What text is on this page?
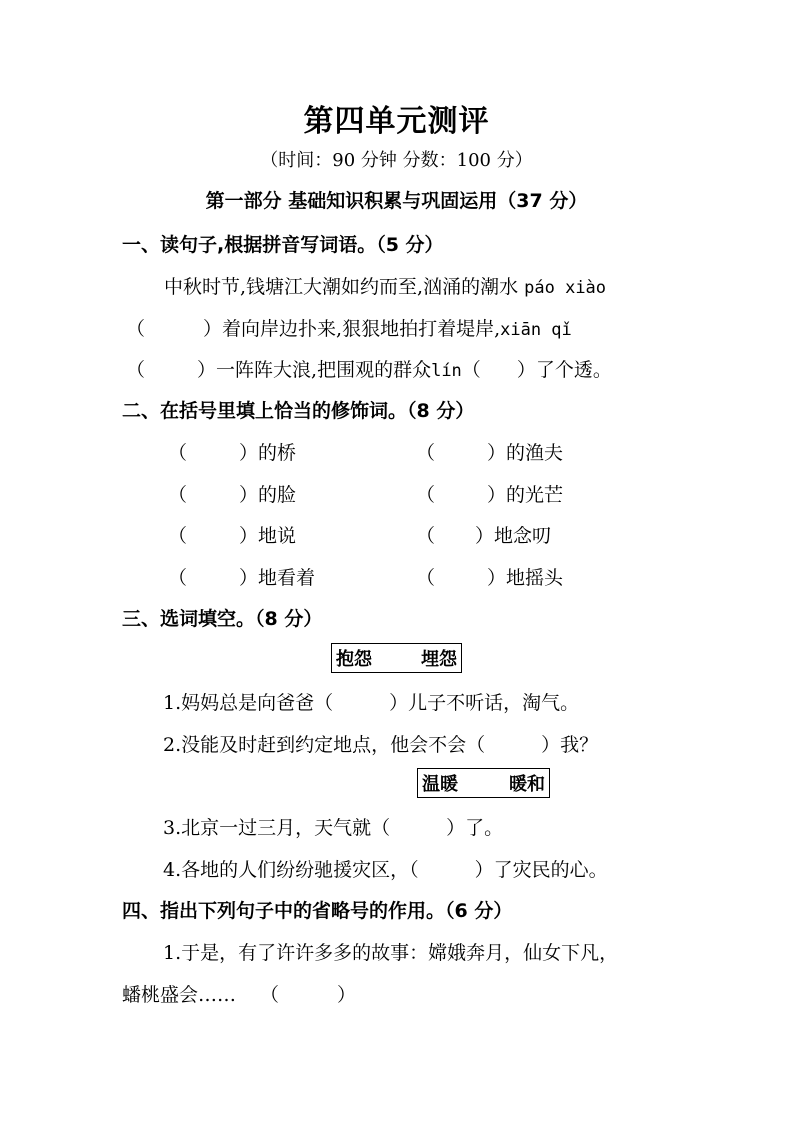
第四单元测评
（时间：90 分钟 分数：100 分）
第一部分 基础知识积累与巩固运用（37 分）
一、读句子,根据拼音写词语。（5 分）
中秋时节,钱塘江大潮如约而至,汹涌的潮水 páo xiào
（	）着向岸边扑来,狠狠地拍打着堤岸,xiān qǐ
（	）一阵阵大浪,把围观的群众lín（ ）了个透。
二、在括号里填上恰当的修饰词。（8 分）
（	）的桥	（	）的渔夫
（	）的脸	（	）的光芒
（	）地说	（ ）地念叨
（	）地看着	（	）地摇头
三、选词填空。（8 分）
抱怨	埋怨
1.妈妈总是向爸爸（	）儿子不听话，淘气。
2.没能及时赶到约定地点，他会不会（	）我？
温暖	暖和
3.北京一过三月，天气就（	）了。
4.各地的人们纷纷驰援灾区，（	）了灾民的心。
四、指出下列句子中的省略号的作用。（6 分）
1.于是，有了许许多多的故事：嫦娥奔月，仙女下凡，
蟠桃盛会…… （	）
